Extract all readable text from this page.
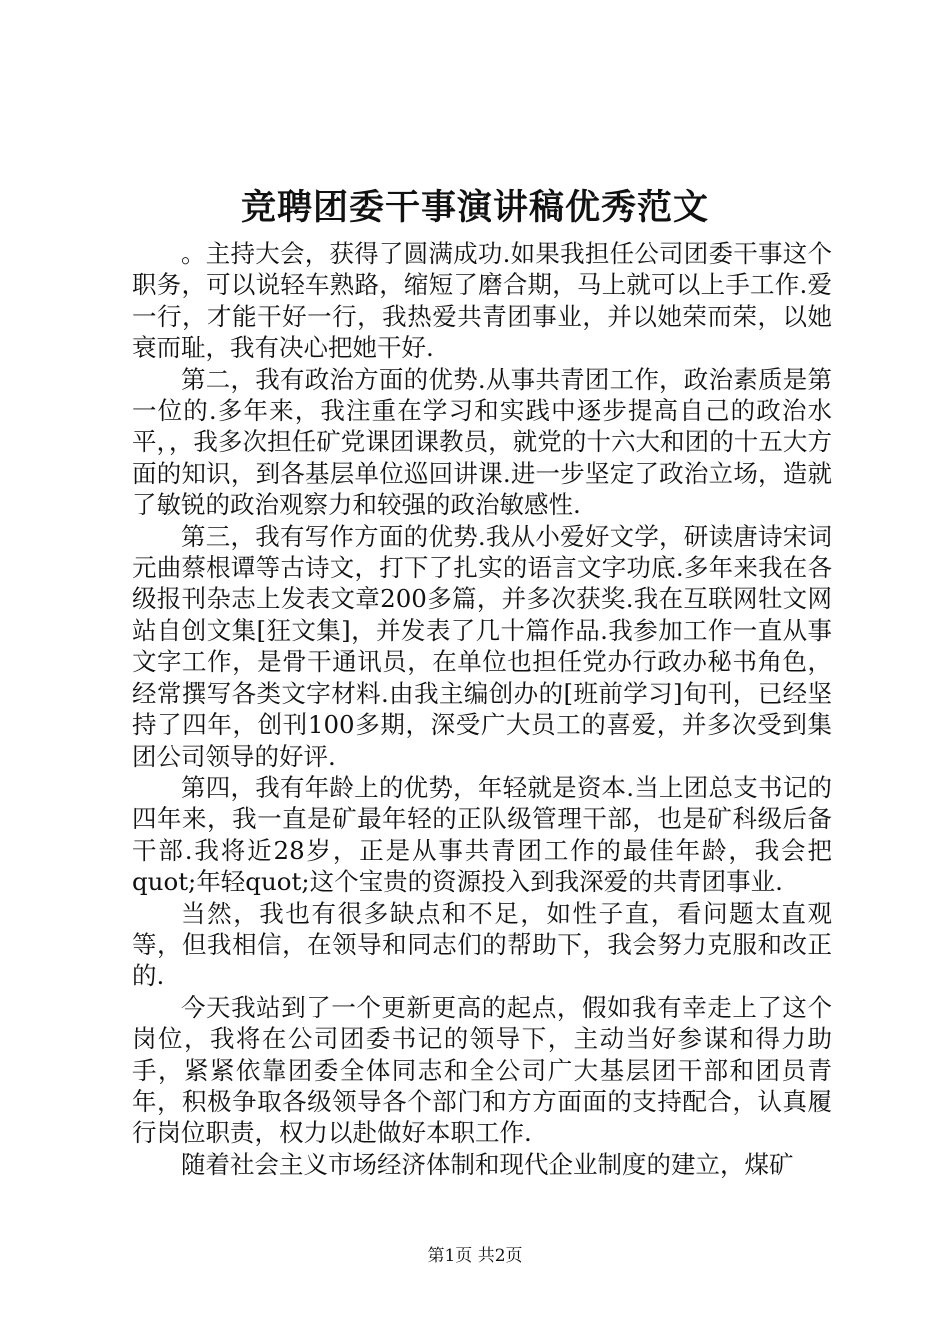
竞聘团委干事演讲稿优秀范文

。主持大会，获得了圆满成功.如果我担任公司团委干事这个职务，可以说轻车熟路，缩短了磨合期，马上就可以上手工作.爱一行，才能干好一行，我热爱共青团事业，并以她荣而荣，以她衰而耻，我有决心把她干好.

第二，我有政治方面的优势.从事共青团工作，政治素质是第一位的.多年来，我注重在学习和实践中逐步提高自己的政治水平，，我多次担任矿党课团课教员，就党的十六大和团的十五大方面的知识，到各基层单位巡回讲课.进一步坚定了政治立场，造就了敏锐的政治观察力和较强的政治敏感性.

第三，我有写作方面的优势.我从小爱好文学，研读唐诗宋词元曲蔡根谭等古诗文，打下了扎实的语言文字功底.多年来我在各级报刊杂志上发表文章200多篇，并多次获奖.我在互联网牡文网站自创文集[狂文集]，并发表了几十篇作品.我参加工作一直从事文字工作，是骨干通讯员，在单位也担任党办行政办秘书角色，经常撰写各类文字材料.由我主编创办的[班前学习]旬刊，已经坚持了四年，创刊100多期，深受广大员工的喜爱，并多次受到集团公司领导的好评.

第四，我有年龄上的优势，年轻就是资本.当上团总支书记的四年来，我一直是矿最年轻的正队级管理干部，也是矿科级后备干部.我将近28岁，正是从事共青团工作的最佳年龄，我会把quot;年轻quot;这个宝贵的资源投入到我深爱的共青团事业.

当然，我也有很多缺点和不足，如性子直，看问题太直观等，但我相信，在领导和同志们的帮助下，我会努力克服和改正的.

今天我站到了一个更新更高的起点，假如我有幸走上了这个岗位，我将在公司团委书记的领导下，主动当好参谋和得力助手，紧紧依靠团委全体同志和全公司广大基层团干部和团员青年，积极争取各级领导各个部门和方方面面的支持配合，认真履行岗位职责，权力以赴做好本职工作.

随着社会主义市场经济体制和现代企业制度的建立，煤矿

第1页 共2页
